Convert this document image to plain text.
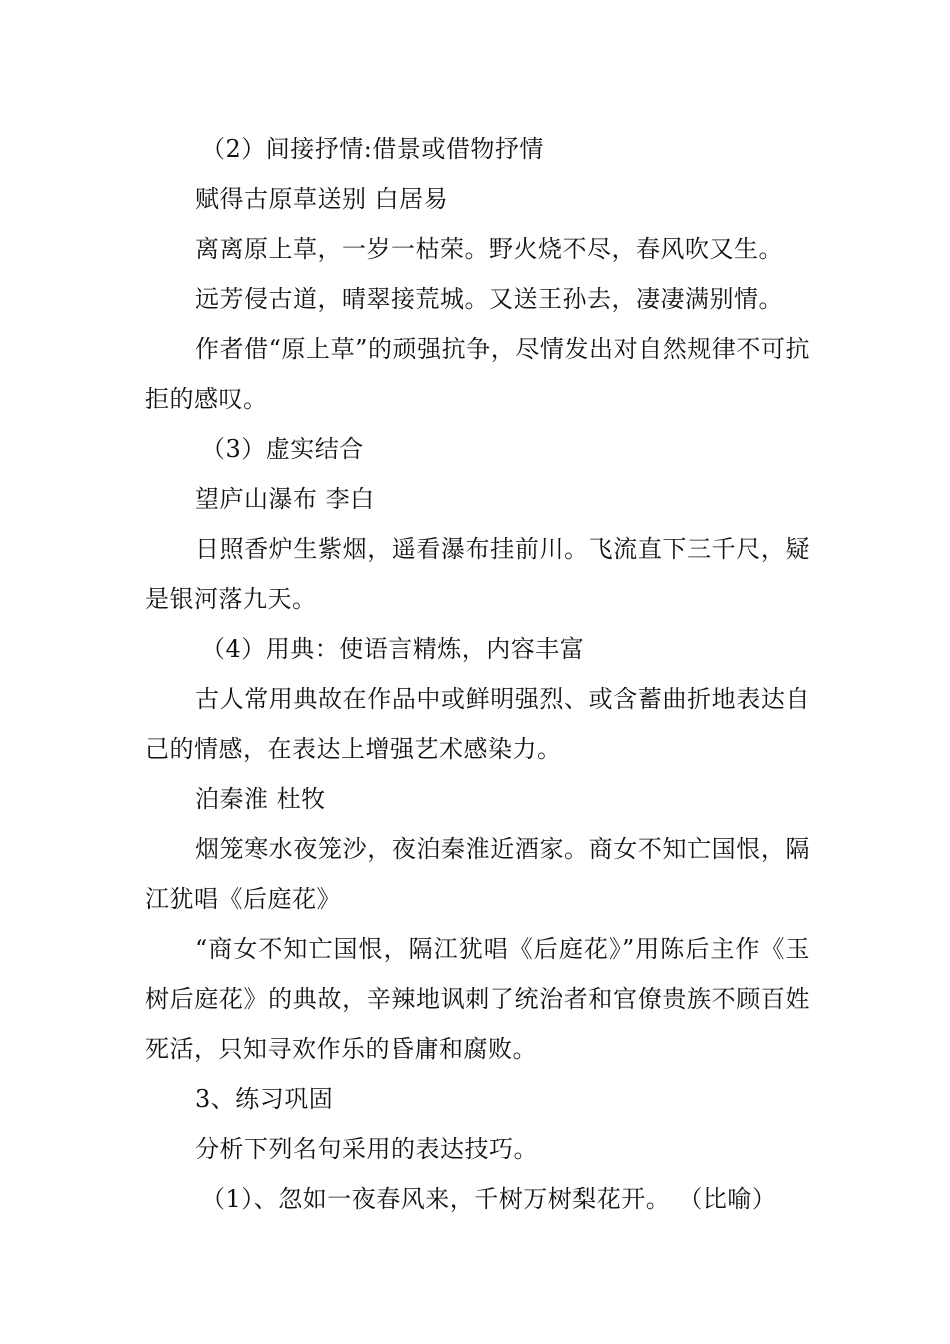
（2）间接抒情:借景或借物抒情

赋得古原草送别 白居易

离离原上草，一岁一枯荣。野火烧不尽，春风吹又生。

远芳侵古道，晴翠接荒城。又送王孙去，凄凄满别情。

作者借“原上草”的顽强抗争，尽情发出对自然规律不可抗拒的感叹。

（3）虚实结合

望庐山瀑布 李白

日照香炉生紫烟，遥看瀑布挂前川。飞流直下三千尺，疑是银河落九天。

（4）用典：使语言精炼，内容丰富

古人常用典故在作品中或鲜明强烈、或含蓄曲折地表达自己的情感，在表达上增强艺术感染力。

泊秦淮 杜牧

烟笼寒水夜笼沙，夜泊秦淮近酒家。商女不知亡国恨，隔江犹唱《后庭花》

“商女不知亡国恨，隔江犹唱《后庭花》”用陈后主作《玉树后庭花》的典故，辛辣地讽刺了统治者和官僚贵族不顾百姓死活，只知寻欢作乐的昏庸和腐败。

3、练习巩固

分析下列名句采用的表达技巧。

（1）、忽如一夜春风来，千树万树梨花开。 （比喻）
